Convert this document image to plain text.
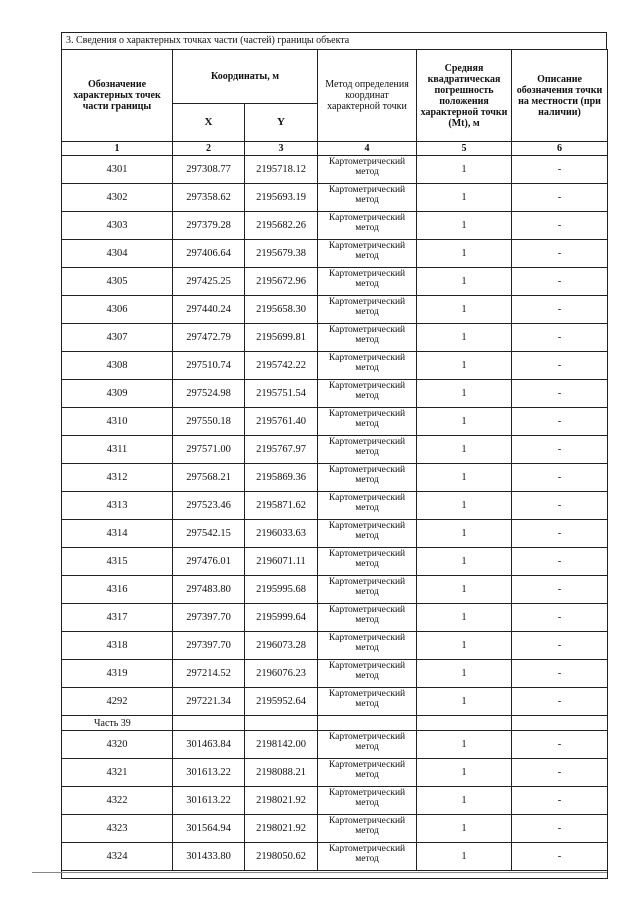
3. Сведения о характерных точках части (частей) границы объекта
Обозначение характерных точек части границы	Координаты, м		Метод определения координат характерной точки	Средняя квадратическая погрешность положения характерной точки (Mt), м	Описание обозначения точки на местности (при наличии)
	X	Y			
1	2	3	4	5	6
4301	297308.77	2195718.12	Картометрический метод	1	-
4302	297358.62	2195693.19	Картометрический метод	1	-
4303	297379.28	2195682.26	Картометрический метод	1	-
4304	297406.64	2195679.38	Картометрический метод	1	-
4305	297425.25	2195672.96	Картометрический метод	1	-
4306	297440.24	2195658.30	Картометрический метод	1	-
4307	297472.79	2195699.81	Картометрический метод	1	-
4308	297510.74	2195742.22	Картометрический метод	1	-
4309	297524.98	2195751.54	Картометрический метод	1	-
4310	297550.18	2195761.40	Картометрический метод	1	-
4311	297571.00	2195767.97	Картометрический метод	1	-
4312	297568.21	2195869.36	Картометрический метод	1	-
4313	297523.46	2195871.62	Картометрический метод	1	-
4314	297542.15	2196033.63	Картометрический метод	1	-
4315	297476.01	2196071.11	Картометрический метод	1	-
4316	297483.80	2195995.68	Картометрический метод	1	-
4317	297397.70	2195999.64	Картометрический метод	1	-
4318	297397.70	2196073.28	Картометрический метод	1	-
4319	297214.52	2196076.23	Картометрический метод	1	-
4292	297221.34	2195952.64	Картометрический метод	1	-
Часть 39					
4320	301463.84	2198142.00	Картометрический метод	1	-
4321	301613.22	2198088.21	Картометрический метод	1	-
4322	301613.22	2198021.92	Картометрический метод	1	-
4323	301564.94	2198021.92	Картометрический метод	1	-
4324	301433.80	2198050.62	Картометрический метод	1	-
